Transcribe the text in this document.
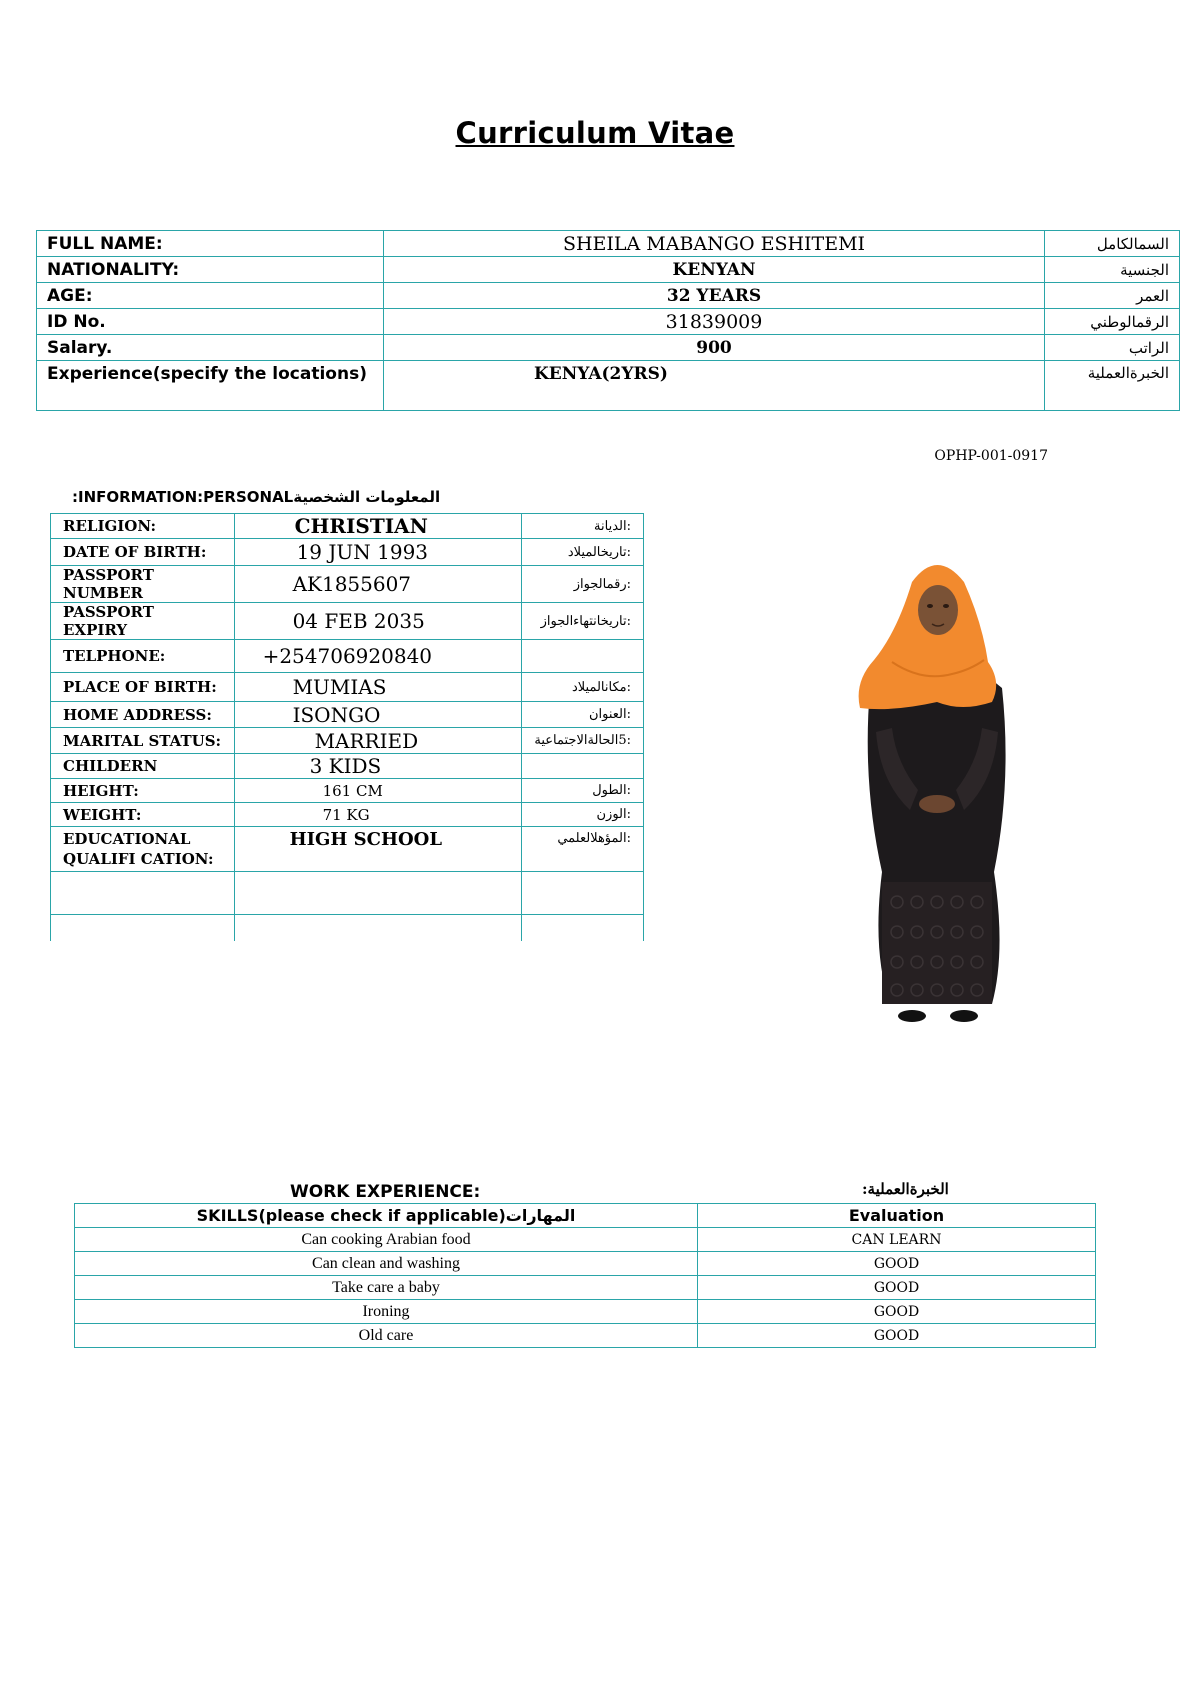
Curriculum Vitae
FULL NAME:	SHEILA MABANGO ESHITEMI	السمالكامل
NATIONALITY:	KENYAN	الجنسية
AGE:	32 YEARS	العمر
ID No.	31839009	الرقمالوطني
Salary.	900	الراتب
Experience(specify the locations)	KENYA(2YRS)	الخبرةالعملية
OPHP-001-0917
:INFORMATION:PERSONALالمعلومات الشخصية
RELIGION:	CHRISTIAN	:الديانة
DATE OF BIRTH:	19 JUN 1993	:تاريخالميلاد
PASSPORT NUMBER	AK1855607	:رقمالجواز
PASSPORT EXPIRY	04 FEB 2035	:تاريخانتهاءالجواز
TELPHONE:	+254706920840	
PLACE OF BIRTH:	MUMIAS	:مكانالميلاد
HOME ADDRESS:	ISONGO	:العنوان
MARITAL STATUS:	MARRIED	:5الحالةالاجتماعية
CHILDERN	3 KIDS	
HEIGHT:	161 CM	:الطول
WEIGHT:	71 KG	:الوزن
EDUCATIONAL QUALIFI CATION:	HIGH SCHOOL	:المؤهلالعلمي

WORK EXPERIENCE:	:الخبرةالعملية
SKILLS(please check if applicable)المهارات	Evaluation
Can cooking Arabian food	CAN LEARN
Can clean and washing	GOOD
Take care a baby	GOOD
Ironing	GOOD
Old care	GOOD
